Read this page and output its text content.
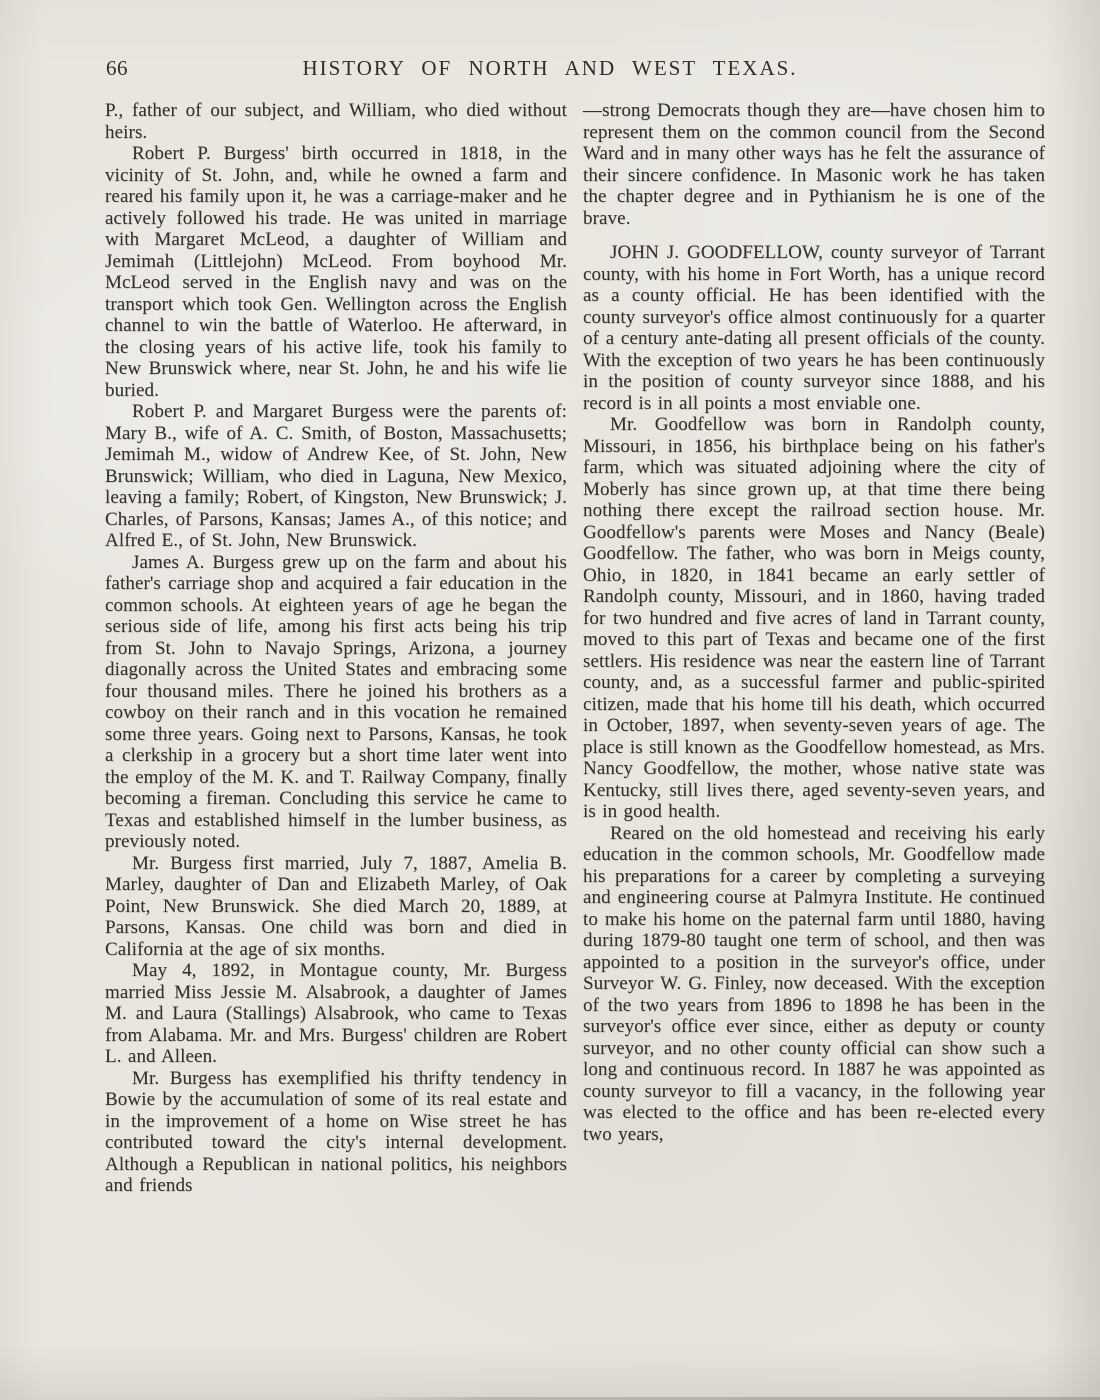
66	HISTORY OF NORTH AND WEST TEXAS.

P., father of our subject, and William, who died without heirs.

Robert P. Burgess' birth occurred in 1818, in the vicinity of St. John, and, while he owned a farm and reared his family upon it, he was a carriage-maker and he actively followed his trade. He was united in marriage with Margaret McLeod, a daughter of William and Jemimah (Littlejohn) McLeod. From boyhood Mr. McLeod served in the English navy and was on the transport which took Gen. Wellington across the English channel to win the battle of Waterloo. He afterward, in the closing years of his active life, took his family to New Brunswick where, near St. John, he and his wife lie buried.

Robert P. and Margaret Burgess were the parents of: Mary B., wife of A. C. Smith, of Boston, Massachusetts; Jemimah M., widow of Andrew Kee, of St. John, New Brunswick; William, who died in Laguna, New Mexico, leaving a family; Robert, of Kingston, New Brunswick; J. Charles, of Parsons, Kansas; James A., of this notice; and Alfred E., of St. John, New Brunswick.

James A. Burgess grew up on the farm and about his father's carriage shop and acquired a fair education in the common schools. At eighteen years of age he began the serious side of life, among his first acts being his trip from St. John to Navajo Springs, Arizona, a journey diagonally across the United States and embracing some four thousand miles. There he joined his brothers as a cowboy on their ranch and in this vocation he remained some three years. Going next to Parsons, Kansas, he took a clerkship in a grocery but a short time later went into the employ of the M. K. and T. Railway Company, finally becoming a fireman. Concluding this service he came to Texas and established himself in the lumber business, as previously noted.

Mr. Burgess first married, July 7, 1887, Amelia B. Marley, daughter of Dan and Elizabeth Marley, of Oak Point, New Brunswick. She died March 20, 1889, at Parsons, Kansas. One child was born and died in California at the age of six months.

May 4, 1892, in Montague county, Mr. Burgess married Miss Jessie M. Alsabrook, a daughter of James M. and Laura (Stallings) Alsabrook, who came to Texas from Alabama. Mr. and Mrs. Burgess' children are Robert L. and Alleen.

Mr. Burgess has exemplified his thrifty tendency in Bowie by the accumulation of some of its real estate and in the improvement of a home on Wise street he has contributed toward the city's internal development. Although a Republican in national politics, his neighbors and friends

—strong Democrats though they are—have chosen him to represent them on the common council from the Second Ward and in many other ways has he felt the assurance of their sincere confidence. In Masonic work he has taken the chapter degree and in Pythianism he is one of the brave.

JOHN J. GOODFELLOW, county surveyor of Tarrant county, with his home in Fort Worth, has a unique record as a county official. He has been identified with the county surveyor's office almost continuously for a quarter of a century ante-dating all present officials of the county. With the exception of two years he has been continuously in the position of county surveyor since 1888, and his record is in all points a most enviable one.

Mr. Goodfellow was born in Randolph county, Missouri, in 1856, his birthplace being on his father's farm, which was situated adjoining where the city of Moberly has since grown up, at that time there being nothing there except the railroad section house. Mr. Goodfellow's parents were Moses and Nancy (Beale) Goodfellow. The father, who was born in Meigs county, Ohio, in 1820, in 1841 became an early settler of Randolph county, Missouri, and in 1860, having traded for two hundred and five acres of land in Tarrant county, moved to this part of Texas and became one of the first settlers. His residence was near the eastern line of Tarrant county, and, as a successful farmer and public-spirited citizen, made that his home till his death, which occurred in October, 1897, when seventy-seven years of age. The place is still known as the Goodfellow homestead, as Mrs. Nancy Goodfellow, the mother, whose native state was Kentucky, still lives there, aged seventy-seven years, and is in good health.

Reared on the old homestead and receiving his early education in the common schools, Mr. Goodfellow made his preparations for a career by completing a surveying and engineering course at Palmyra Institute. He continued to make his home on the paternal farm until 1880, having during 1879-80 taught one term of school, and then was appointed to a position in the surveyor's office, under Surveyor W. G. Finley, now deceased. With the exception of the two years from 1896 to 1898 he has been in the surveyor's office ever since, either as deputy or county surveyor, and no other county official can show such a long and continuous record. In 1887 he was appointed as county surveyor to fill a vacancy, in the following year was elected to the office and has been re-elected every two years,
